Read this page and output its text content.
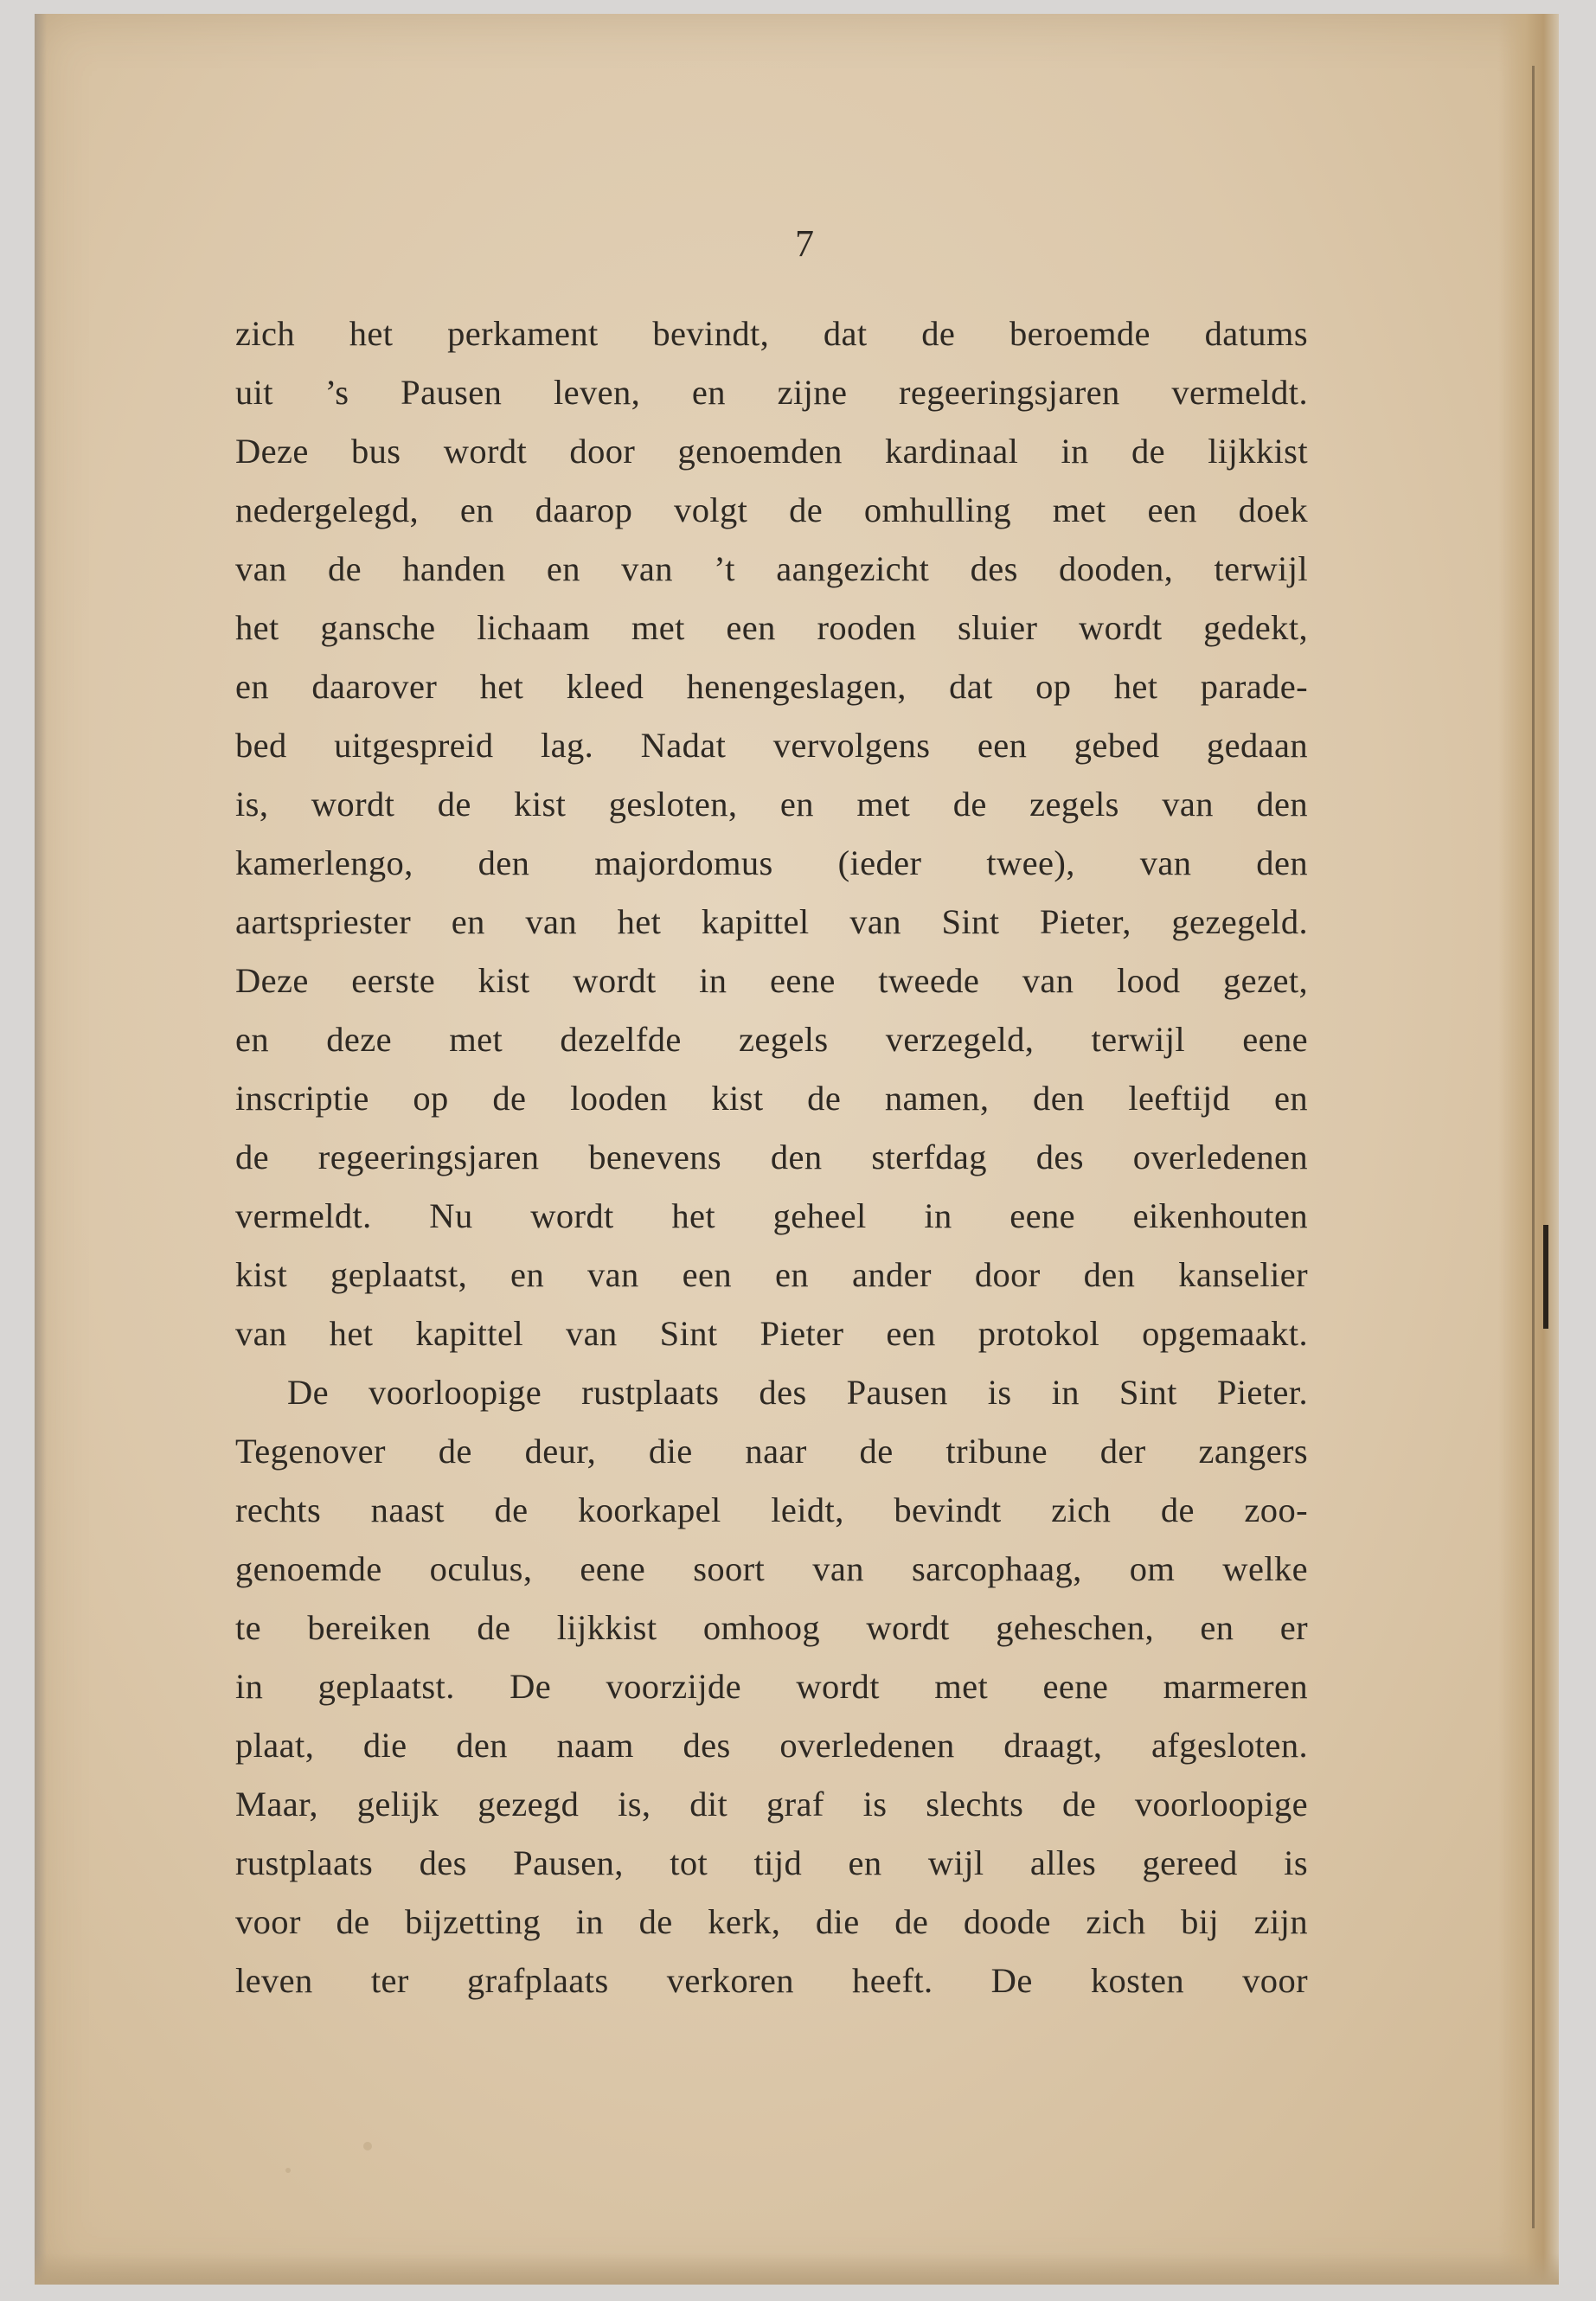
7
zich het perkament bevindt, dat de beroemde datums
uit ’s Pausen leven, en zijne regeeringsjaren vermeldt.
Deze bus wordt door genoemden kardinaal in de lijkkist
nedergelegd, en daarop volgt de omhulling met een doek
van de handen en van ’t aangezicht des dooden, terwijl
het gansche lichaam met een rooden sluier wordt gedekt,
en daarover het kleed henengeslagen, dat op het parade-
bed uitgespreid lag. Nadat vervolgens een gebed gedaan
is, wordt de kist gesloten, en met de zegels van den
kamerlengo, den majordomus (ieder twee), van den
aartspriester en van het kapittel van Sint Pieter, gezegeld.
Deze eerste kist wordt in eene tweede van lood gezet,
en deze met dezelfde zegels verzegeld, terwijl eene
inscriptie op de looden kist de namen, den leeftijd en
de regeeringsjaren benevens den sterfdag des overledenen
vermeldt. Nu wordt het geheel in eene eikenhouten
kist geplaatst, en van een en ander door den kanselier
van het kapittel van Sint Pieter een protokol opgemaakt.
De voorloopige rustplaats des Pausen is in Sint Pieter.
Tegenover de deur, die naar de tribune der zangers
rechts naast de koorkapel leidt, bevindt zich de zoo-
genoemde oculus, eene soort van sarcophaag, om welke
te bereiken de lijkkist omhoog wordt geheschen, en er
in geplaatst. De voorzijde wordt met eene marmeren
plaat, die den naam des overledenen draagt, afgesloten.
Maar, gelijk gezegd is, dit graf is slechts de voorloopige
rustplaats des Pausen, tot tijd en wijl alles gereed is
voor de bijzetting in de kerk, die de doode zich bij zijn
leven ter grafplaats verkoren heeft. De kosten voor
